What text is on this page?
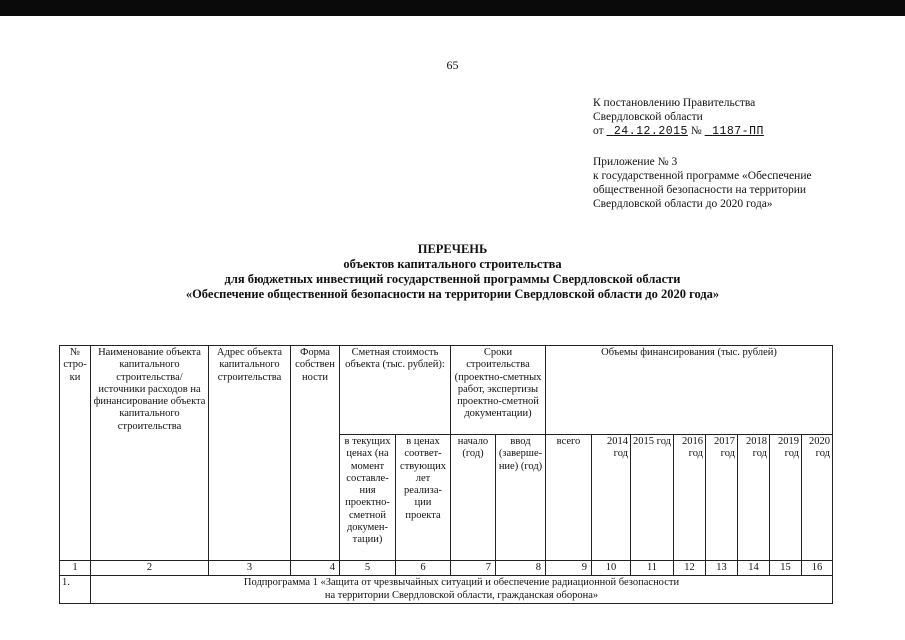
65
К постановлению Правительства
Свердловской области
от 24.12.2015 № 1187-ПП
Приложение № 3
к государственной программе «Обеспечение
общественной безопасности на территории
Свердловской области до 2020 года»
ПЕРЕЧЕНЬ
объектов капитального строительства
для бюджетных инвестиций государственной программы Свердловской области
«Обеспечение общественной безопасности на территории Свердловской области до 2020 года»
№ стро- ки	Наименование объекта капитального строительства/ источники расходов на финансирование объекта капитального строительства	Адрес объекта капитального строительства	Форма собствен ности	Сметная стоимость объекта (тыс. рублей):		Сроки строительства (проектно-сметных работ, экспертизы проектно-сметной документации)		Объемы финансирования (тыс. рублей)							
				в текущих ценах (на момент составле- ния проектно- сметной докумен- тации)	в ценах соответ- ствующих лет реализа- ции проекта	начало (год)	ввод (заверше- ние) (год)	всего	2014 год	2015 год	2016 год	2017 год	2018 год	2019 год	2020 год
1	2	3	4	5	6	7	8	9	10	11	12	13	14	15	16
1.	Подпрограмма 1 «Защита от чрезвычайных ситуаций и обеспечение радиационной безопасности
на территории Свердловской области, гражданская оборона»														
